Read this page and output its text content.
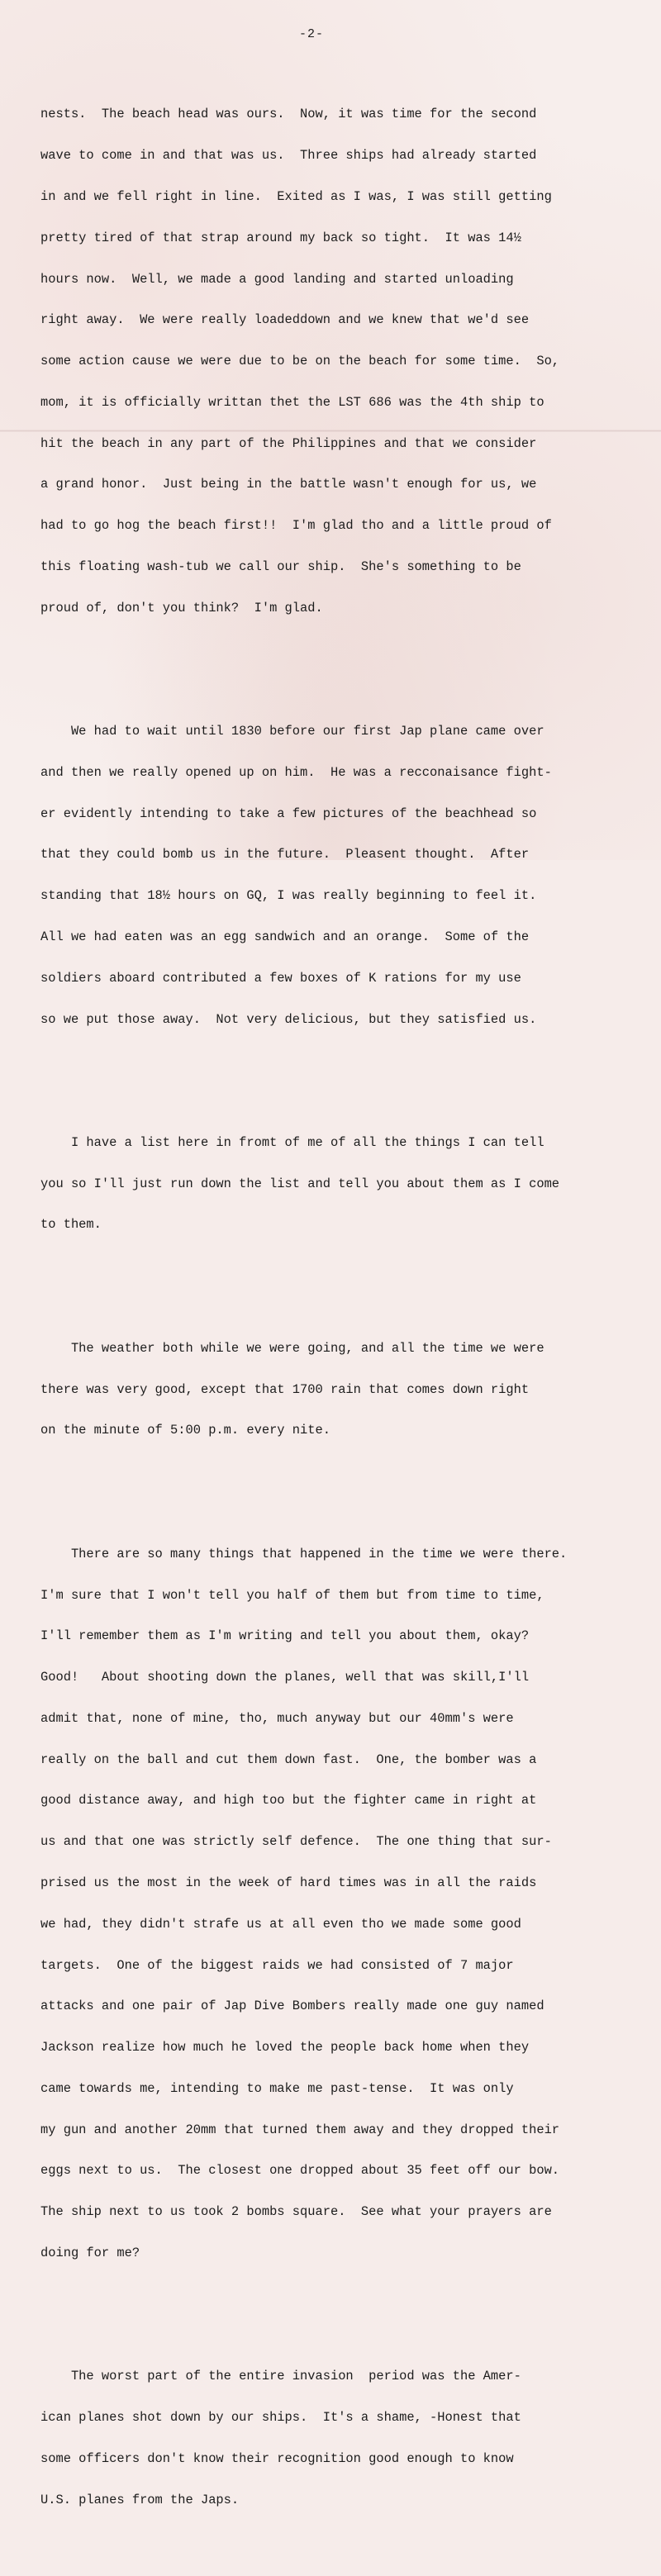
-2-

nests.  The beach head was ours.  Now, it was time for the second

wave to come in and that was us.  Three ships had already started

in and we fell right in line.  Exited as I was, I was still getting

pretty tired of that strap around my back so tight.  It was 14½

hours now.  Well, we made a good landing and started unloading

right away.  We were really loadeddown and we knew that we'd see

some action cause we were due to be on the beach for some time.  So,

mom, it is officially writtan thet the LST 686 was the 4th ship to

hit the beach in any part of the Philippines and that we consider

a grand honor.  Just being in the battle wasn't enough for us, we

had to go hog the beach first!!  I'm glad tho and a little proud of

this floating wash-tub we call our ship.  She's something to be

proud of, don't you think?  I'm glad.

We had to wait until 1830 before our first Jap plane came over

and then we really opened up on him.  He was a recconaisance fight-

er evidently intending to take a few pictures of the beachhead so

that they could bomb us in the future.  Pleasent thought.  After

standing that 18½ hours on GQ, I was really beginning to feel it.

All we had eaten was an egg sandwich and an orange.  Some of the

soldiers aboard contributed a few boxes of K rations for my use

so we put those away.  Not very delicious, but they satisfied us.

I have a list here in fromt of me of all the things I can tell

you so I'll just run down the list and tell you about them as I come

to them.

The weather both while we were going, and all the time we were

there was very good, except that 1700 rain that comes down right

on the minute of 5:00 p.m. every nite.

There are so many things that happened in the time we were there.

I'm sure that I won't tell you half of them but from time to time,

I'll remember them as I'm writing and tell you about them, okay?

Good!   About shooting down the planes, well that was skill,I'll

admit that, none of mine, tho, much anyway but our 40mm's were

really on the ball and cut them down fast.  One, the bomber was a

good distance away, and high too but the fighter came in right at

us and that one was strictly self defence.  The one thing that sur-

prised us the most in the week of hard times was in all the raids

we had, they didn't strafe us at all even tho we made some good

targets.  One of the biggest raids we had consisted of 7 major

attacks and one pair of Jap Dive Bombers really made one guy named

Jackson realize how much he loved the people back home when they

came towards me, intending to make me past-tense.  It was only

my gun and another 20mm that turned them away and they dropped their

eggs next to us.  The closest one dropped about 35 feet off our bow.

The ship next to us took 2 bombs square.  See what your prayers are

doing for me?

The worst part of the entire invasion  period was the Amer-

ican planes shot down by our ships.  It's a shame, -Honest that

some officers don't know their recognition good enough to know

U.S. planes from the Japs.
